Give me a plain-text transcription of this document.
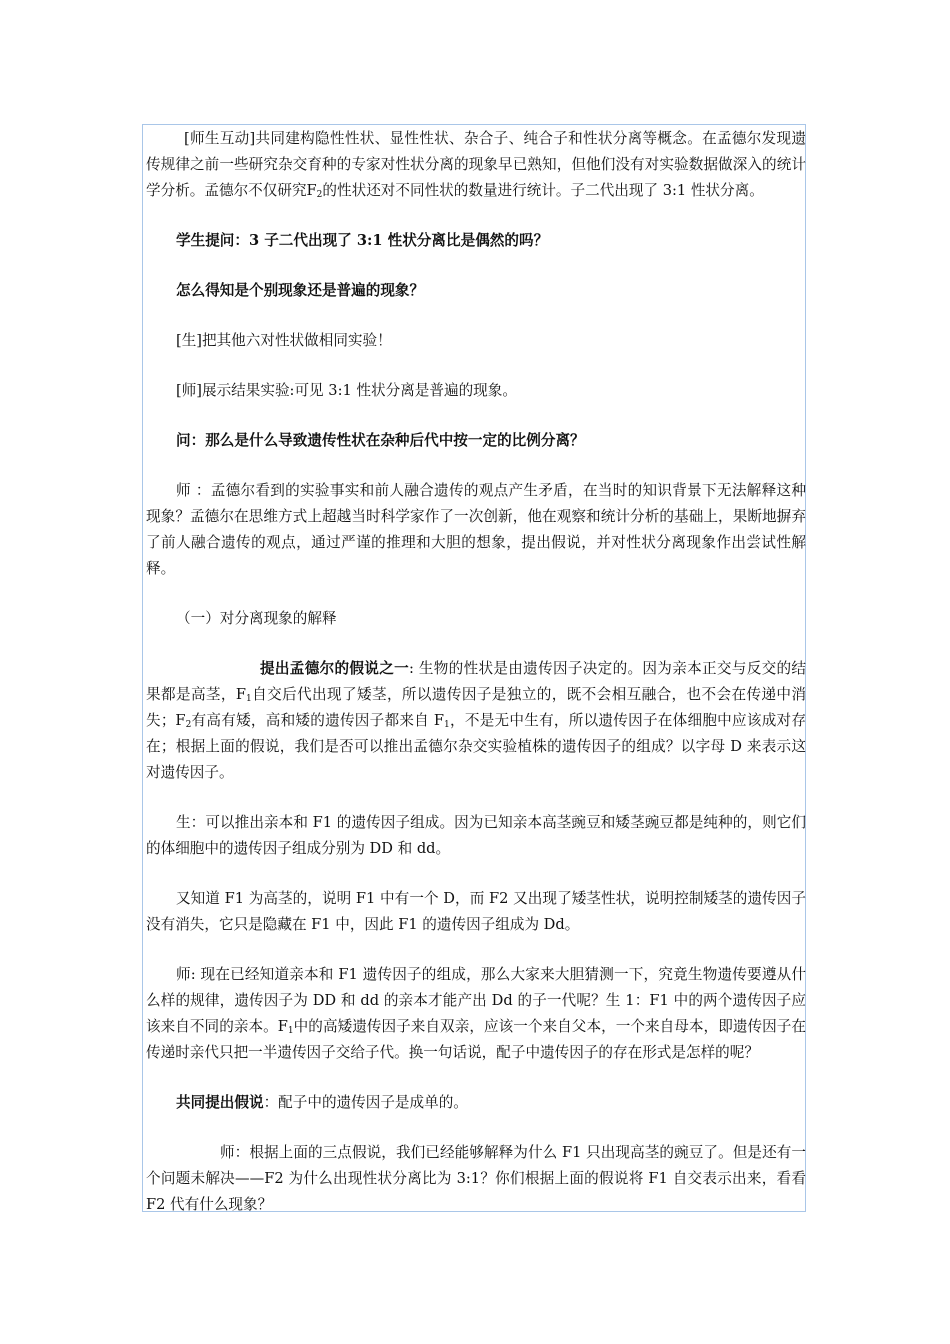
[师生互动]共同建构隐性性状、显性性状、杂合子、纯合子和性状分离等概念。在孟德尔发现遗传规律之前一些研究杂交育种的专家对性状分离的现象早已熟知，但他们没有对实验数据做深入的统计学分析。孟德尔不仅研究$F_2$的性状还对不同性状的数量进行统计。子二代出现了 3:1 性状分离。

学生提问：3 子二代出现了 3:1 性状分离比是偶然的吗？

怎么得知是个别现象还是普遍的现象？

[生]把其他六对性状做相同实验！

[师]展示结果实验:可见 3:1 性状分离是普遍的现象。

问：那么是什么导致遗传性状在杂种后代中按一定的比例分离？

师 ：孟德尔看到的实验事实和前人融合遗传的观点产生矛盾，在当时的知识背景下无法解释这种现象？孟德尔在思维方式上超越当时科学家作了一次创新，他在观察和统计分析的基础上，果断地摒弃了前人融合遗传的观点，通过严谨的推理和大胆的想象，提出假说，并对性状分离现象作出尝试性解释。

（一）对分离现象的解释

提出孟德尔的假说之一: 生物的性状是由遗传因子决定的。因为亲本正交与反交的结果都是高茎，$F_1$自交后代出现了矮茎，所以遗传因子是独立的，既不会相互融合，也不会在传递中消失；$F_2$有高有矮，高和矮的遗传因子都来自 $F_1$，不是无中生有，所以遗传因子在体细胞中应该成对存在；根据上面的假说，我们是否可以推出孟德尔杂交实验植株的遗传因子的组成？以字母 D 来表示这对遗传因子。

生：可以推出亲本和 F1 的遗传因子组成。因为已知亲本高茎豌豆和矮茎豌豆都是纯种的，则它们的体细胞中的遗传因子组成分别为 DD 和 dd。

又知道 F1 为高茎的，说明 F1 中有一个 D，而 F2 又出现了矮茎性状，说明控制矮茎的遗传因子没有消失，它只是隐藏在 F1 中，因此 F1 的遗传因子组成为 Dd。

师: 现在已经知道亲本和 F1 遗传因子的组成，那么大家来大胆猜测一下，究竟生物遗传要遵从什么样的规律，遗传因子为 DD 和 dd 的亲本才能产出 Dd 的子一代呢？生 1：F1 中的两个遗传因子应该来自不同的亲本。$F_1$中的高矮遗传因子来自双亲，应该一个来自父本，一个来自母本，即遗传因子在传递时亲代只把一半遗传因子交给子代。换一句话说，配子中遗传因子的存在形式是怎样的呢？

共同提出假说：配子中的遗传因子是成单的。

师：根据上面的三点假说，我们已经能够解释为什么 F1 只出现高茎的豌豆了。但是还有一个问题未解决——F2 为什么出现性状分离比为 3:1？你们根据上面的假说将 F1 自交表示出来，看看 F2 代有什么现象？
